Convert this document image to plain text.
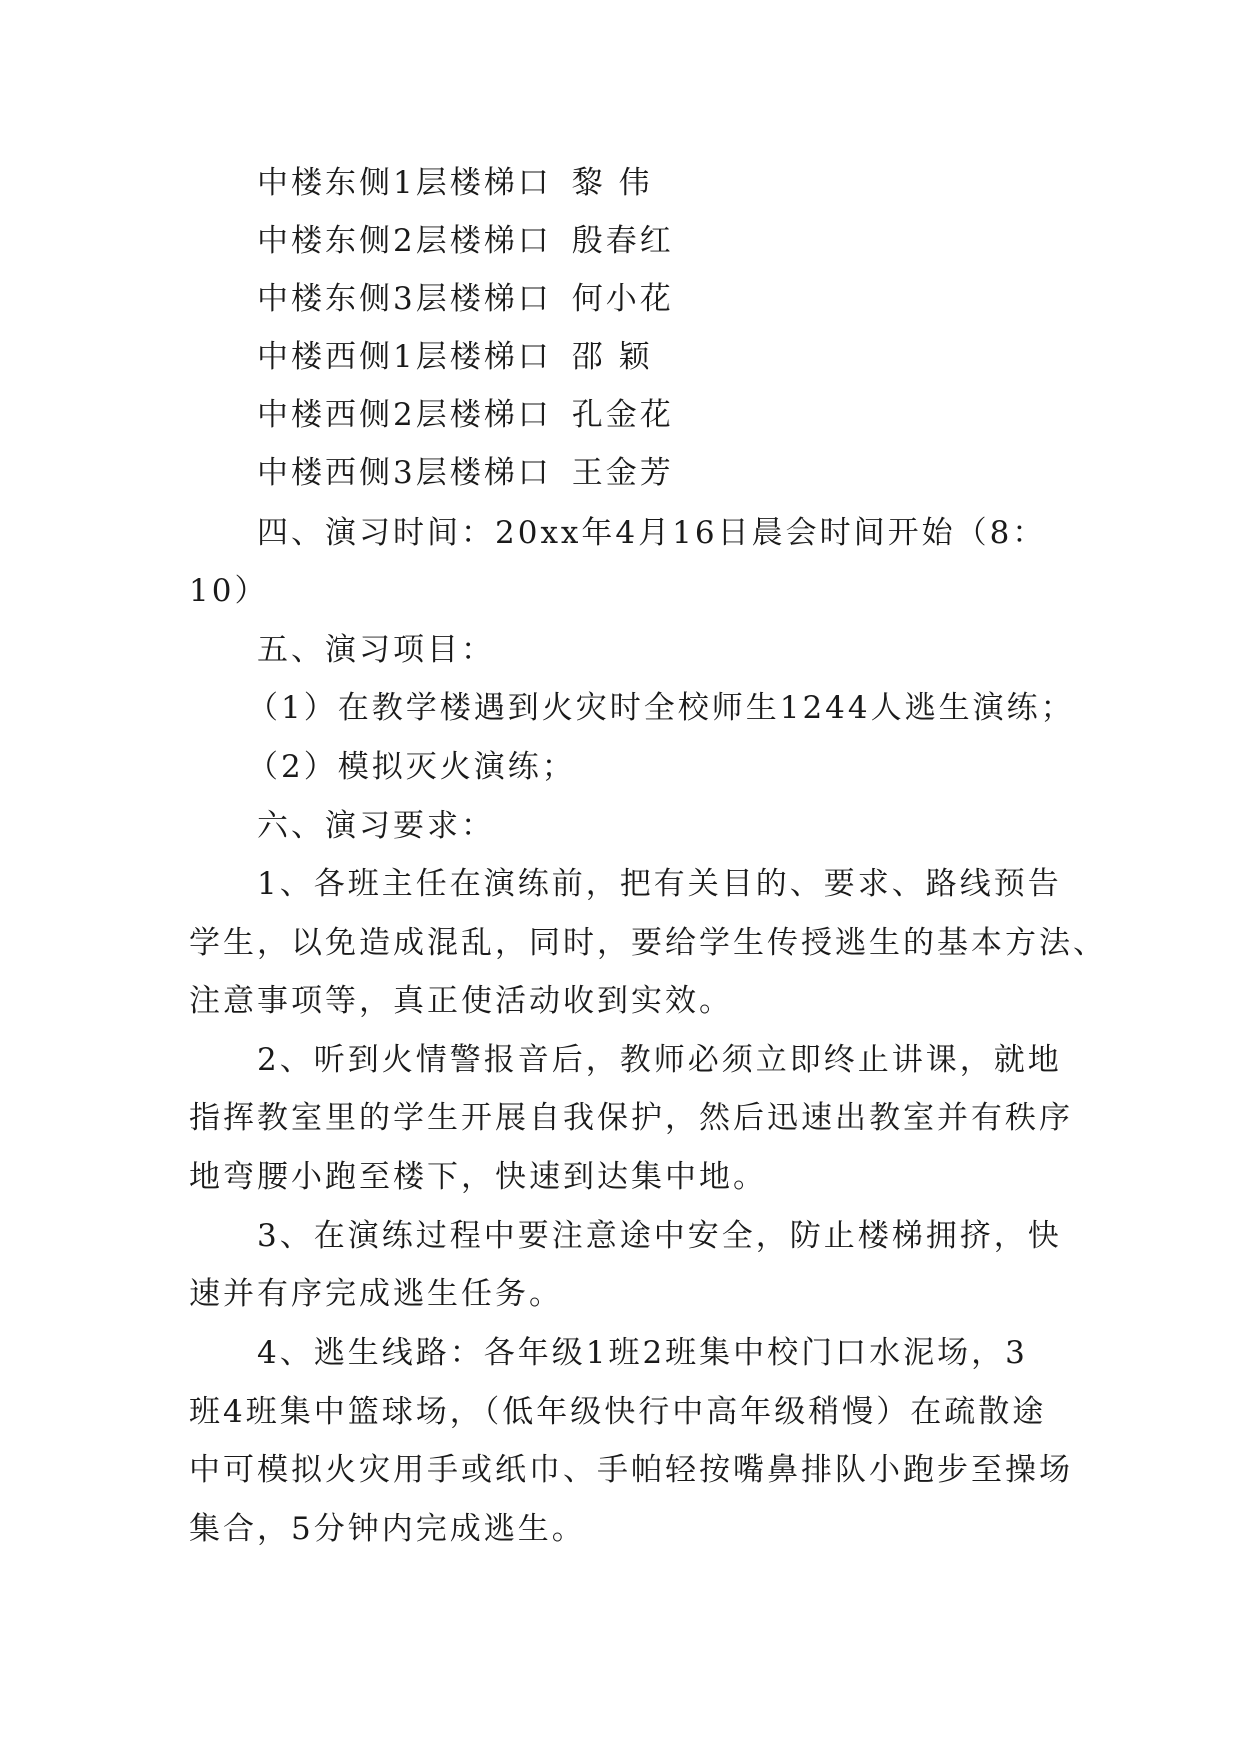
中楼东侧1层楼梯口 黎 伟
中楼东侧2层楼梯口 殷春红
中楼东侧3层楼梯口 何小花
中楼西侧1层楼梯口 邵 颖
中楼西侧2层楼梯口 孔金花
中楼西侧3层楼梯口 王金芳
四、演习时间：20xx年4月16日晨会时间开始（8：
10）
五、演习项目：
（1）在教学楼遇到火灾时全校师生1244人逃生演练；
（2）模拟灭火演练；
六、演习要求：
1、各班主任在演练前，把有关目的、要求、路线预告
学生，以免造成混乱，同时，要给学生传授逃生的基本方法、
注意事项等，真正使活动收到实效。
2、听到火情警报音后，教师必须立即终止讲课，就地
指挥教室里的学生开展自我保护，然后迅速出教室并有秩序
地弯腰小跑至楼下，快速到达集中地。
3、在演练过程中要注意途中安全，防止楼梯拥挤，快
速并有序完成逃生任务。
4、逃生线路：各年级1班2班集中校门口水泥场，3
班4班集中篮球场，（低年级快行中高年级稍慢）在疏散途
中可模拟火灾用手或纸巾、手帕轻按嘴鼻排队小跑步至操场
集合，5分钟内完成逃生。
